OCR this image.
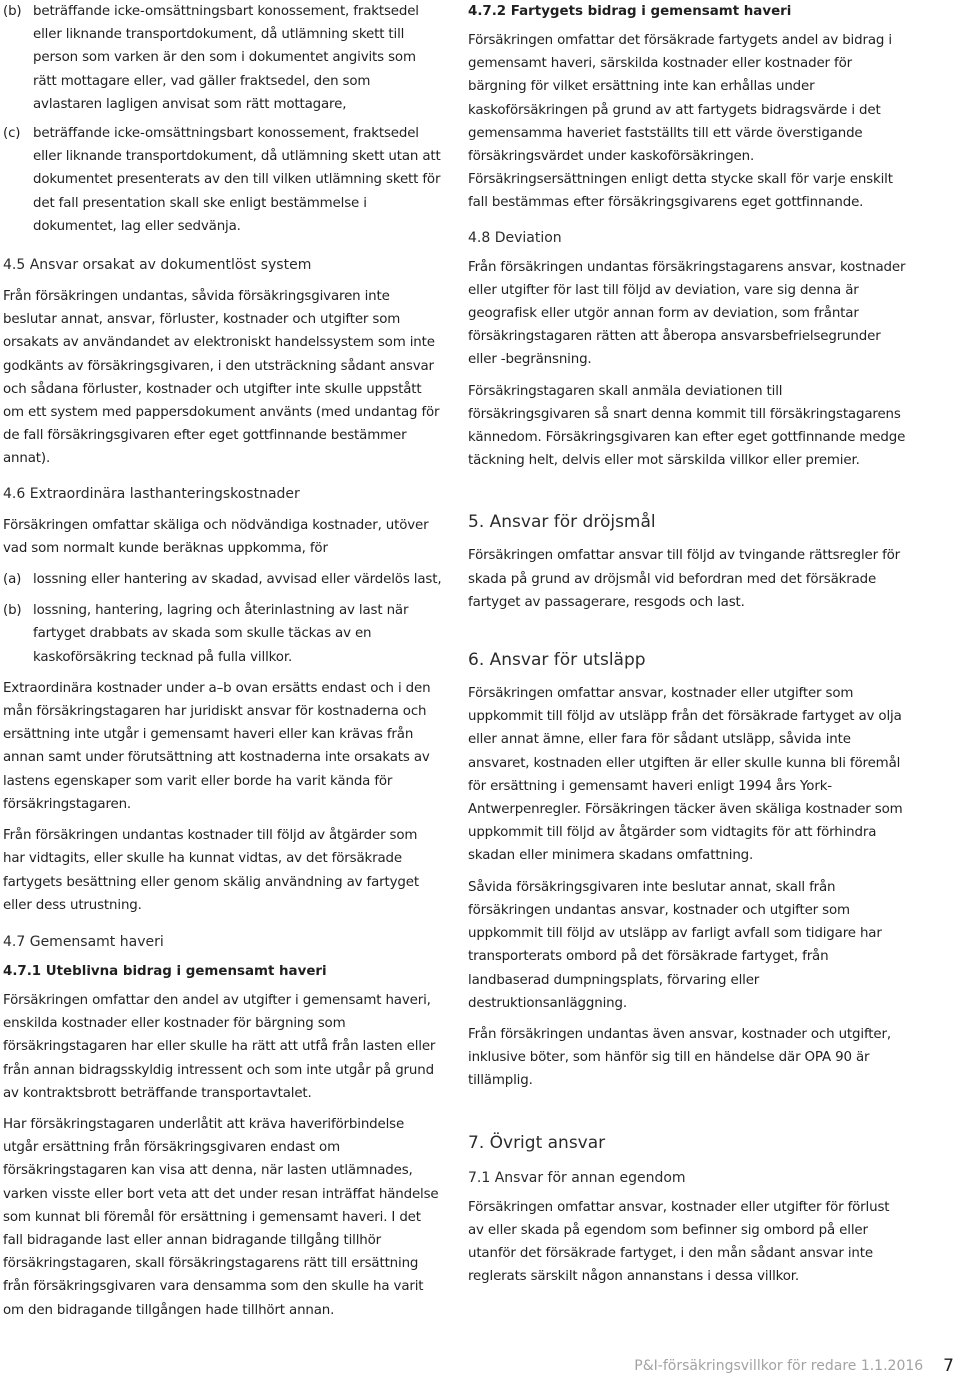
(b) beträffande icke-omsättningsbart konossement, fraktsedel eller liknande transportdokument, då utlämning skett till person som varken är den som i dokumentet angivits som rätt mottagare eller, vad gäller fraktsedel, den som avlastaren lagligen anvisat som rätt mottagare,
(c) beträffande icke-omsättningsbart konossement, fraktsedel eller liknande transportdokument, då utlämning skett utan att dokumentet presenterats av den till vilken utlämning skett för det fall presentation skall ske enligt bestämmelse i dokumentet, lag eller sedvänja.
4.5 Ansvar orsakat av dokumentlöst system

Från försäkringen undantas, såvida försäkringsgivaren inte beslutar annat, ansvar, förluster, kostnader och utgifter som orsakats av användandet av elektroniskt handelssystem som inte godkänts av försäkringsgivaren, i den utsträckning sådant ansvar och sådana förluster, kostnader och utgifter inte skulle uppstått om ett system med pappersdokument använts (med undantag för de fall försäkringsgivaren efter eget gottfinnande bestämmer annat).

4.6 Extraordinära lasthanteringskostnader

Försäkringen omfattar skäliga och nödvändiga kostnader, utöver vad som normalt kunde beräknas uppkomma, för

(a) lossning eller hantering av skadad, avvisad eller värdelös last,
(b) lossning, hantering, lagring och återinlastning av last när fartyget drabbats av skada som skulle täckas av en kaskoförsäkring tecknad på fulla villkor.

Extraordinära kostnader under a–b ovan ersätts endast och i den mån försäkringstagaren har juridiskt ansvar för kostnaderna och ersättning inte utgår i gemensamt haveri eller kan krävas från annan samt under förutsättning att kostnaderna inte orsakats av lastens egenskaper som varit eller borde ha varit kända för försäkringstagaren.

Från försäkringen undantas kostnader till följd av åtgärder som har vidtagits, eller skulle ha kunnat vidtas, av det försäkrade fartygets besättning eller genom skälig användning av fartyget eller dess utrustning.

4.7 Gemensamt haveri
4.7.1 Uteblivna bidrag i gemensamt haveri

Försäkringen omfattar den andel av utgifter i gemensamt haveri, enskilda kostnader eller kostnader för bärgning som försäkringstagaren har eller skulle ha rätt att utfå från lasten eller från annan bidragsskyldig intressent och som inte utgår på grund av kontraktsbrott beträffande transportavtalet.

Har försäkringstagaren underlåtit att kräva haveriförbindelse utgår ersättning från försäkringsgivaren endast om försäkringstagaren kan visa att denna, när lasten utlämnades, varken visste eller bort veta att det under resan inträffat händelse som kunnat bli föremål för ersättning i gemensamt haveri. I det fall bidragande last eller annan bidragande tillgång tillhör försäkringstagaren, skall försäkringstagarens rätt till ersättning från försäkringsgivaren vara densamma som den skulle ha varit om den bidragande tillgången hade tillhört annan.

4.7.2 Fartygets bidrag i gemensamt haveri

Försäkringen omfattar det försäkrade fartygets andel av bidrag i gemensamt haveri, särskilda kostnader eller kostnader för bärgning för vilket ersättning inte kan erhållas under kaskoförsäkringen på grund av att fartygets bidragsvärde i det gemensamma haveriet fastställts till ett värde överstigande försäkringsvärdet under kaskoförsäkringen. Försäkringsersättningen enligt detta stycke skall för varje enskilt fall bestämmas efter försäkringsgivarens eget gottfinnande.

4.8 Deviation

Från försäkringen undantas försäkringstagarens ansvar, kostnader eller utgifter för last till följd av deviation, vare sig denna är geografisk eller utgör annan form av deviation, som fråntar försäkringstagaren rätten att åberopa ansvarsbefrielsegrunder eller -begränsning.

Försäkringstagaren skall anmäla deviationen till försäkringsgivaren så snart denna kommit till försäkringstagarens kännedom. Försäkringsgivaren kan efter eget gottfinnande medge täckning helt, delvis eller mot särskilda villkor eller premier.

5. Ansvar för dröjsmål

Försäkringen omfattar ansvar till följd av tvingande rättsregler för skada på grund av dröjsmål vid befordran med det försäkrade fartyget av passagerare, resgods och last.

6. Ansvar för utsläpp

Försäkringen omfattar ansvar, kostnader eller utgifter som uppkommit till följd av utsläpp från det försäkrade fartyget av olja eller annat ämne, eller fara för sådant utsläpp, såvida inte ansvaret, kostnaden eller utgiften är eller skulle kunna bli föremål för ersättning i gemensamt haveri enligt 1994 års York-Antwerpenregler. Försäkringen täcker även skäliga kostnader som uppkommit till följd av åtgärder som vidtagits för att förhindra skadan eller minimera skadans omfattning.

Såvida försäkringsgivaren inte beslutar annat, skall från försäkringen undantas ansvar, kostnader och utgifter som uppkommit till följd av utsläpp av farligt avfall som tidigare har transporterats ombord på det försäkrade fartyget, från landbaserad dumpningsplats, förvaring eller destruktionsanläggning.

Från försäkringen undantas även ansvar, kostnader och utgifter, inklusive böter, som hänför sig till en händelse där OPA 90 är tillämplig.

7. Övrigt ansvar
7.1 Ansvar för annan egendom

Försäkringen omfattar ansvar, kostnader eller utgifter för förlust av eller skada på egendom som befinner sig ombord på eller utanför det försäkrade fartyget, i den mån sådant ansvar inte reglerats särskilt någon annanstans i dessa villkor.

P&I-försäkringsvillkor för redare 1.1.2016 7
